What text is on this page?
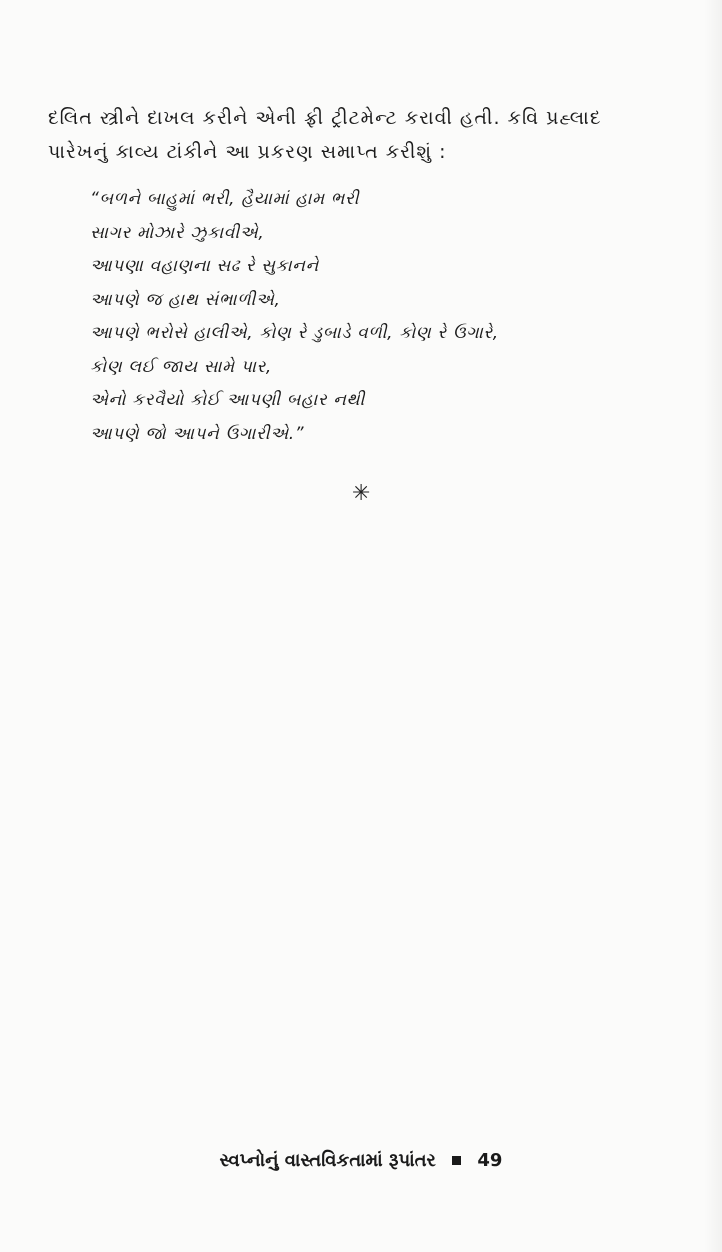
દલિત સ્ત્રીને દાખલ કરીને એની ફ્રી ટ્રીટમેન્ટ કરાવી હતી. કવિ પ્રહ્લાદ
પારેખનું કાવ્ય ટાંકીને આ પ્રકરણ સમાપ્ત કરીશું :
“બળને બાહુમાં ભરી, હૈયામાં હામ ભરી
સાગર મોઝારે ઝુકાવીએ,
આપણા વહાણના સઢ રે સુકાનને
આપણે જ હાથ સંભાળીએ,
આપણે ભરોસે હાલીએ, કોણ રે ડુબાડે વળી, કોણ રે ઉગારે,
કોણ લઈ જાય સામે પાર,
એનો કરવૈયો કોઈ આપણી બહાર નથી
આપણે જો આપને ઉગારીએ.”
✳
સ્વપ્નોનું વાસ્તવિકતામાં રૂપાંતર 49
